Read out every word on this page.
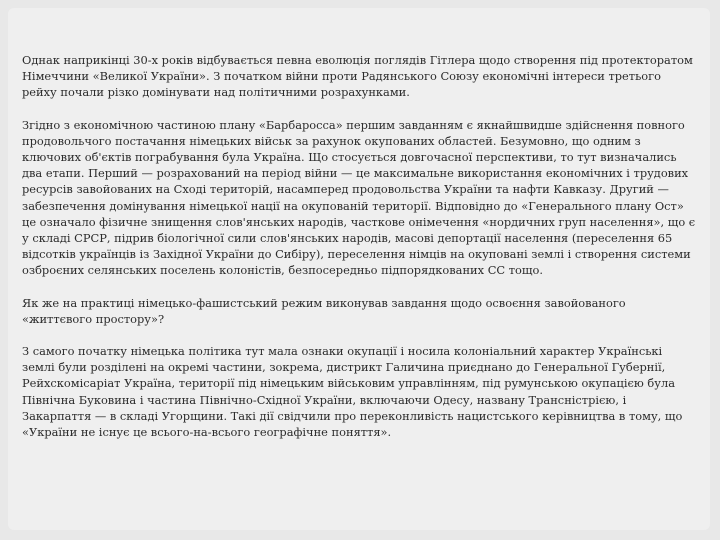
Однак наприкінці 30-х років відбувається певна еволюція поглядів Гітлера щодо створення під протекторатом Німеччини «Великої України». З початком війни проти Радянського Союзу економічні інтереси третього рейху почали різко домінувати над політичними розрахунками.

Згідно з економічною частиною плану «Барбаросса» першим завданням є якнайшвидше здійснення повного продовольчого постачання німецьких військ за рахунок окупованих областей. Безумовно, що одним з ключових об'єктів пограбування була Україна. Що стосується довгочасної перспективи, то тут визначались два етапи. Перший — розрахований на період війни — це максимальне використання економічних і трудових ресурсів завойованих на Сході територій, насамперед продовольства України та нафти Кавказу. Другий — забезпечення домінування німецької нації на окупованій території. Відповідно до «Генерального плану Ост» це означало фізичне знищення слов'янських народів, часткове онімечення «нордичних груп населення», що є у складі СРСР, підрив біологічної сили слов'янських народів, масові депортації населення (переселення 65 відсотків українців із Західної України до Сибіру), переселення німців на окуповані землі і створення системи озброєних селянських поселень колоністів, безпосередньо підпорядкованих СС тощо.

Як же на практиці німецько-фашистський режим виконував завдання щодо освоєння завойованого «життєвого простору»?

З самого початку німецька політика тут мала ознаки окупації і носила колоніальний характер Українські землі були розділені на окремі частини, зокрема, дистрикт Галичина приєднано до Генеральної Губернії, Рейхскомісаріат Україна, території під німецьким військовим управлінням, під румунською окупацією була Північна Буковина і частина Північно-Східної України, включаючи Одесу, названу Трансністрією, і Закарпаття — в складі Угорщини. Такі дії свідчили про переконливість нацистського керівництва в тому, що «України не існує це всього-на-всього географічне поняття».
